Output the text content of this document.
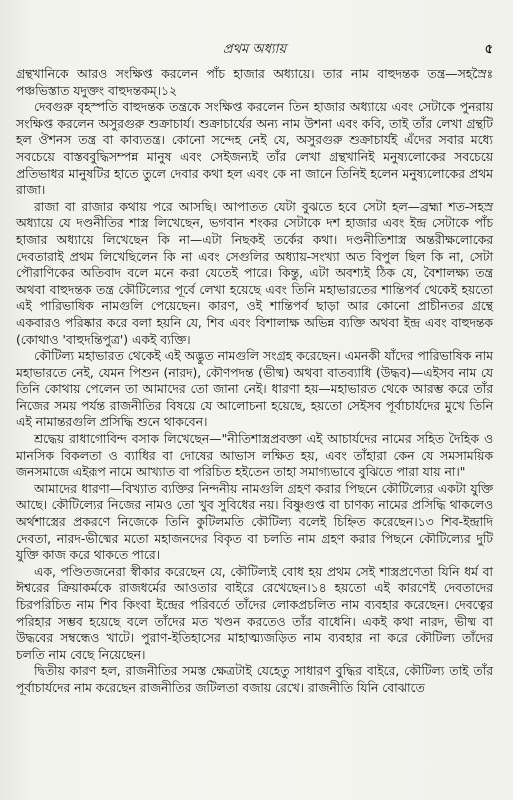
প্রথম অধ্যায়	৫

গ্রন্থখানিকে আরও সংক্ষিপ্ত করলেন পাঁচ হাজার অধ্যায়ে। তার নাম বাহুদন্তক তন্ত্র—সহস্রৈঃ পঞ্চভিস্তাত যদুক্তং বাহুদন্তকম্।১২

দেবগুরু বৃহস্পতি বাহুদন্তক তন্ত্রকে সংক্ষিপ্ত করলেন তিন হাজার অধ্যায়ে এবং সেটাকে পুনরায় সংক্ষিপ্ত করলেন অসুরগুরু শুক্রাচার্য। শুক্রাচার্যের অন্য নাম উশনা এবং কবি, তাই তাঁর লেখা গ্রন্থটি হল ঔশনস তন্ত্র বা কাব্যতন্ত্র। কোনো সন্দেহ নেই যে, অসুরগুরু শুক্রাচার্যই এঁদের সবার মধ্যে সবচেয়ে বাস্তববুদ্ধিসম্পন্ন মানুষ এবং সেইজন্যই তাঁর লেখা গ্রন্থখানিই মনুষ্যলোকের সবচেয়ে প্রতিভাধর মানুষটির হাতে তুলে দেবার কথা হল এবং কে না জানে তিনিই হলেন মনুষ্যলোকের প্রথম রাজা।

রাজা বা রাজার কথায় পরে আসছি। আপাতত যেটা বুঝতে হবে সেটা হল—ব্রহ্মা শত-সহস্র অধ্যায়ে যে দণ্ডনীতির শাস্ত্র লিখেছেন, ভগবান শংকর সেটাকে দশ হাজার এবং ইন্দ্র সেটাকে পাঁচ হাজার অধ্যায়ে লিখেছেন কি না—এটা নিছকই তর্কের কথা। দণ্ডনীতিশাস্ত্র অন্তরীক্ষলোকের দেবতারাই প্রথম লিখেছিলেন কি না এবং সেগুলির অধ্যায়-সংখ্যা অত বিপুল ছিল কি না, সেটা পৌরাণিকের অতিবাদ বলে মনে করা যেতেই পারে। কিন্তু, এটা অবশ্যই ঠিক যে, বৈশালক্ষ্য তন্ত্র অথবা বাহুদন্তক তন্ত্র কৌটিল্যের পূর্বে লেখা হয়েছে এবং তিনি মহাভারতের শান্তিপর্ব থেকেই হয়তো এই পারিভাষিক নামগুলি পেয়েছেন। কারণ, ওই শান্তিপর্ব ছাড়া আর কোনো প্রাচীনতর গ্রন্থে একবারও পরিষ্কার করে বলা হয়নি যে, শিব এবং বিশালাক্ষ অভিন্ন ব্যক্তি অথবা ইন্দ্র এবং বাহুদন্তক (কোথাও 'বাহুদন্তিপুত্র') একই ব্যক্তি।

কৌটিল্য মহাভারত থেকেই এই অদ্ভুত নামগুলি সংগ্রহ করেছেন। এমনকী যাঁদের পারিভাষিক নাম মহাভারতে নেই, যেমন পিশুন (নারদ), কৌণপদন্ত (ভীষ্ম) অথবা বাতব্যাধি (উদ্ধব)—এইসব নাম যে তিনি কোথায় পেলেন তা আমাদের তো জানা নেই। ধারণা হয়—মহাভারত থেকে আরম্ভ করে তাঁর নিজের সময় পর্যন্ত রাজনীতির বিষয়ে যে আলোচনা হয়েছে, হয়তো সেইসব পূর্বাচার্যদের মুখে তিনি এই নামান্তরগুলি প্রসিদ্ধি শুনে থাকবেন।

শ্রদ্ধেয় রাধাগোবিন্দ বসাক লিখেছেন—"নীতিশাস্ত্রপ্রবক্তা এই আচার্যদের নামের সহিত দৈহিক ও মানসিক বিকলতা ও ব্যাধির বা দোষের আভাস লক্ষিত হয়, এবং তাঁহারা কেন যে সমসাময়িক জনসমাজে এইরূপ নামে আখ্যাত বা পরিচিত হইতেন তাহা সমাগ্যভাবে বুঝিতে পারা যায় না।"

আমাদের ধারণা—বিখ্যাত ব্যক্তির নিন্দনীয় নামগুলি গ্রহণ করার পিছনে কৌটিল্যের একটা যুক্তি আছে। কৌটিল্যের নিজের নামও তো খুব সুবিধের নয়। বিষ্ণুগুপ্ত বা চাণক্য নামের প্রসিদ্ধি থাকলেও অর্থশাস্ত্রের প্রকরণে নিজেকে তিনি কুটিলমতি কৌটিল্য বলেই চিহ্নিত করেছেন।১৩ শিব-ইন্দ্রাদি দেবতা, নারদ-ভীষ্মের মতো মহাজনদের বিকৃত বা চলতি নাম গ্রহণ করার পিছনে কৌটিল্যের দুটি যুক্তি কাজ করে থাকতে পারে।

এক, পণ্ডিতজনেরা স্বীকার করেছেন যে, কৌটিল্যই বোধ হয় প্রথম সেই শাস্ত্রপ্রণেতা যিনি ধর্ম বা ঈশ্বরের ক্রিয়াকর্মকে রাজধর্মের আওতার বাইরে রেখেছেন।১৪ হয়তো এই কারণেই দেবতাদের চিরপরিচিত নাম শিব কিংবা ইন্দ্রের পরিবর্তে তাঁদের লোকপ্রচলিত নাম ব্যবহার করেছেন। দেবত্বের পরিহার সম্ভব হয়েছে বলে তাঁদের মত খণ্ডন করতেও তাঁর বাধেনি। একই কথা নারদ, ভীষ্ম বা উদ্ধবের সম্বন্ধেও খাটে। পুরাণ-ইতিহাসের মাহাত্ম্যজড়িত নাম ব্যবহার না করে কৌটিল্য তাঁদের চলতি নাম বেছে নিয়েছেন।

দ্বিতীয় কারণ হল, রাজনীতির সমস্ত ক্ষেত্রটাই যেহেতু সাধারণ বুদ্ধির বাইরে, কৌটিল্য তাই তাঁর পূর্বাচার্যদের নাম করেছেন রাজনীতির জটিলতা বজায় রেখে। রাজনীতি যিনি বোঝাতে
